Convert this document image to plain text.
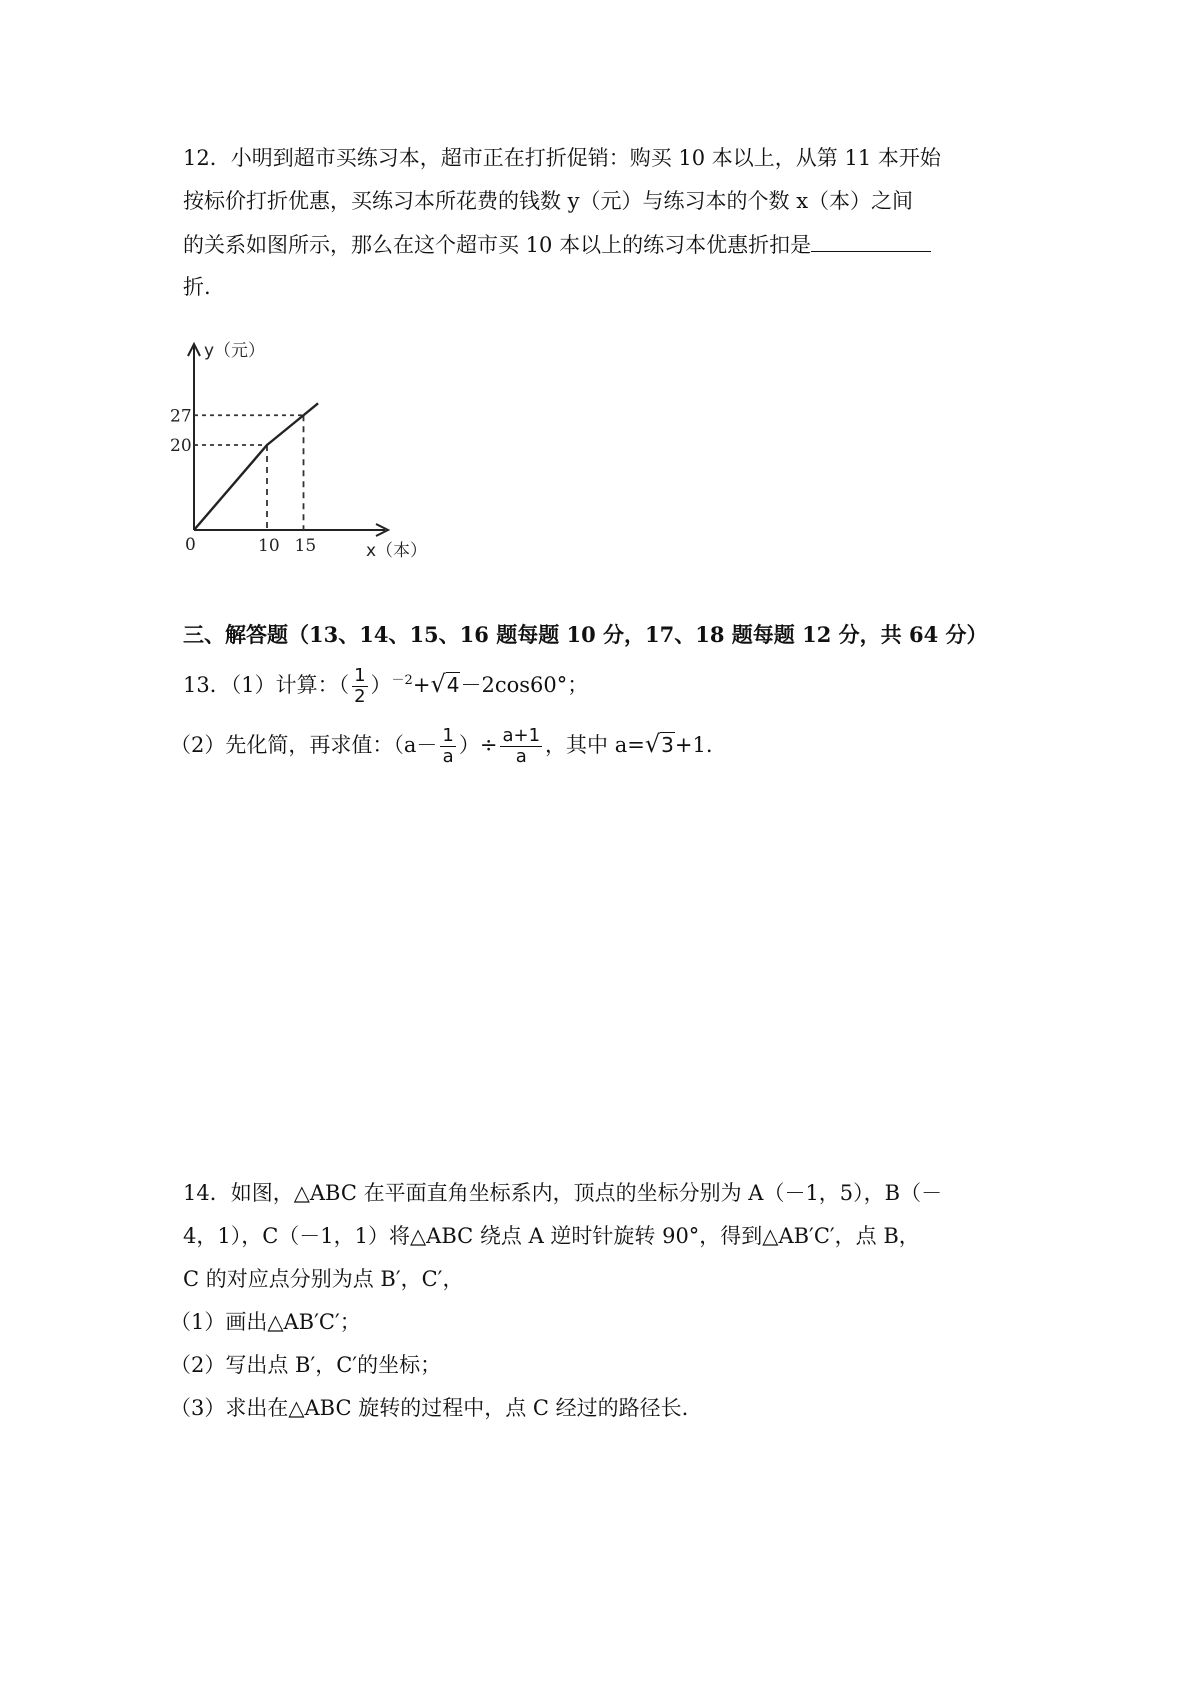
12．小明到超市买练习本，超市正在打折促销：购买 10 本以上，从第 11 本开始
按标价打折优惠，买练习本所花费的钱数 y（元）与练习本的个数 x（本）之间
的关系如图所示，那么在这个超市买 10 本以上的练习本优惠折扣是
折.
y（元）
x（本）
0	10 15
20
27
三、解答题（13、14、15、16 题每题 10 分，17、18 题每题 12 分，共 64 分）
13．（1）计算：（ $\frac{1}{2} )^{-2}+$ √ 4 －2cos60°；
（2）先化简，再求值：（$a- \frac{1}{a}$ ）÷ $\frac{a+1}{a}$ ，其中 a= √ 3 +1.
14．如图，△ABC 在平面直角坐标系内，顶点的坐标分别为 A（－1，5），B（－
4，1），C（－1，1）将△ABC 绕点 A 逆时针旋转 90°，得到△AB′C′，点 B，
C 的对应点分别为点 B′，C′，
（1）画出△AB′C′；
（2）写出点 B′，C′的坐标；
（3）求出在△ABC 旋转的过程中，点 C 经过的路径长.
